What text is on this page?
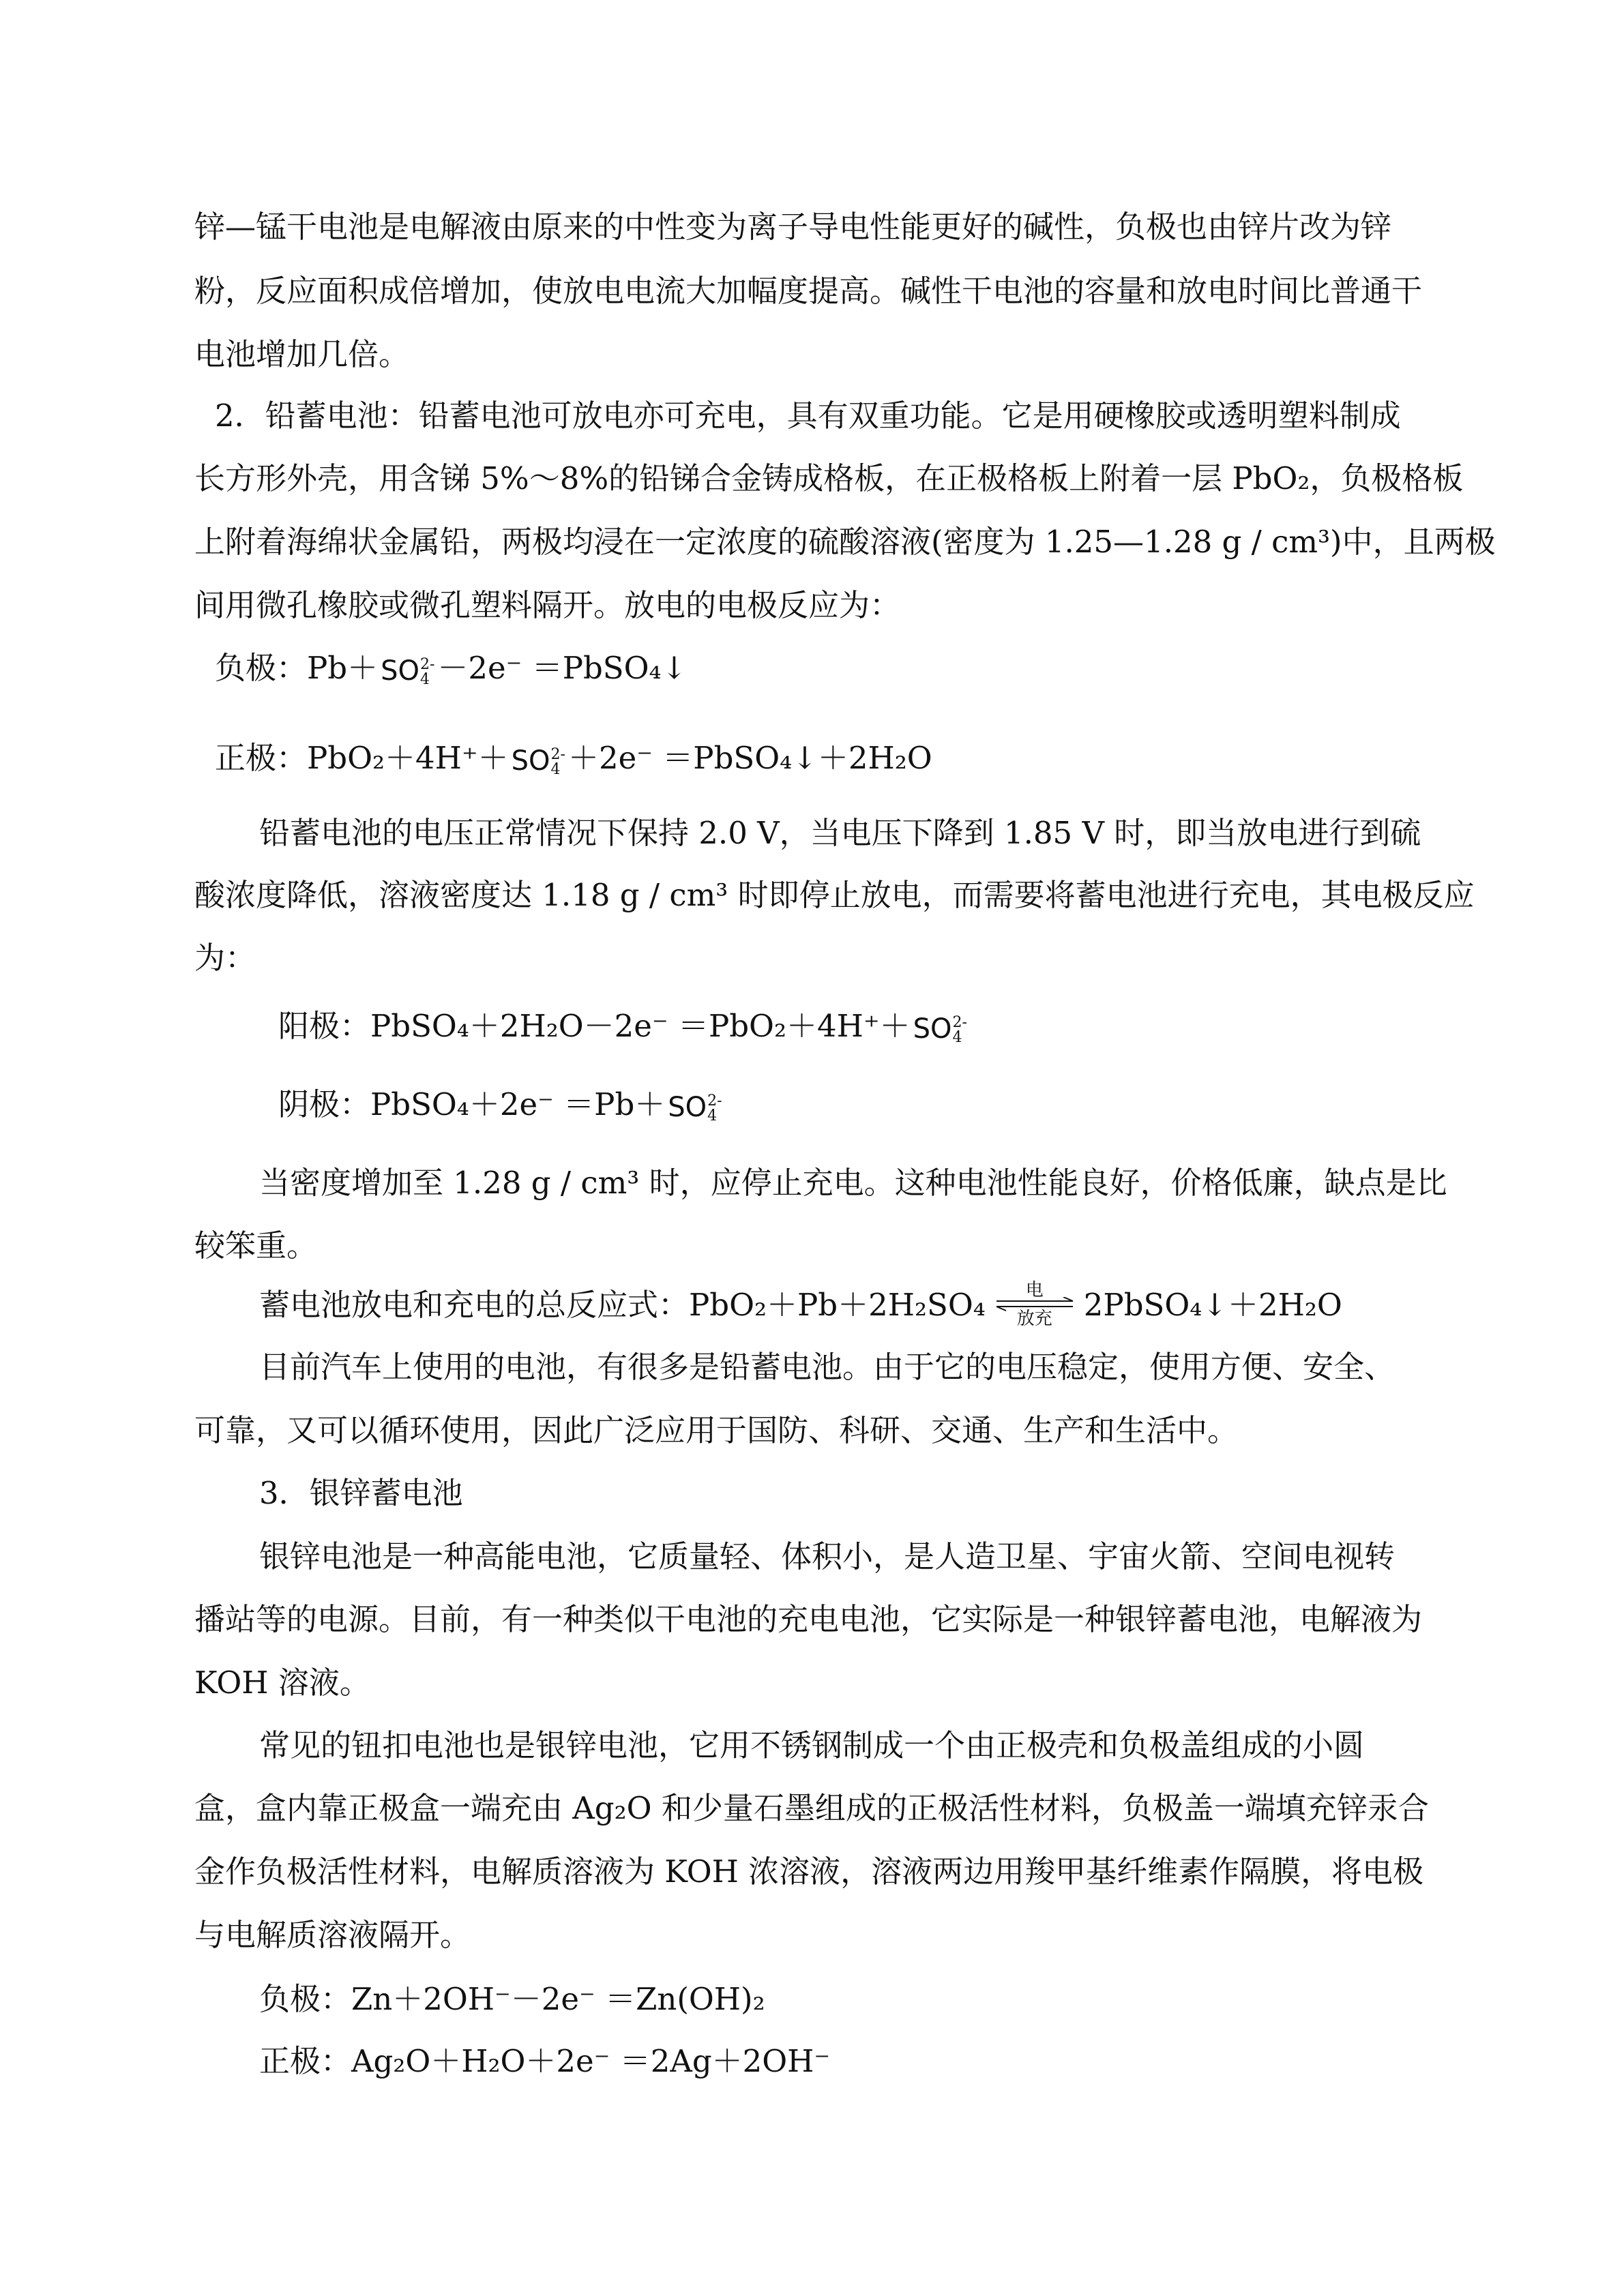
锌—锰干电池是电解液由原来的中性变为离子导电性能更好的碱性，负极也由锌片改为锌
粉，反应面积成倍增加，使放电电流大加幅度提高。碱性干电池的容量和放电时间比普通干
电池增加几倍。
2．铅蓄电池：铅蓄电池可放电亦可充电，具有双重功能。它是用硬橡胶或透明塑料制成
长方形外壳，用含锑 5%～8%的铅锑合金铸成格板，在正极格板上附着一层 PbO₂，负极格板
上附着海绵状金属铅，两极均浸在一定浓度的硫酸溶液(密度为 1.25—1.28 g / cm³)中，且两极
间用微孔橡胶或微孔塑料隔开。放电的电极反应为：
负极：Pb＋ SO 2-
4 －2e⁻ ＝PbSO₄↓
正极：PbO₂＋4H⁺＋ SO 2-
4 ＋2e⁻ ＝PbSO₄↓＋2H₂O
铅蓄电池的电压正常情况下保持 2.0 V，当电压下降到 1.85 V 时，即当放电进行到硫
酸浓度降低，溶液密度达 1.18 g / cm³ 时即停止放电，而需要将蓄电池进行充电，其电极反应
为：
阳极：PbSO₄＋2H₂O－2e⁻ ＝PbO₂＋4H⁺＋ SO 2-
4
阴极：PbSO₄＋2e⁻ ＝Pb＋ SO 2-
4
当密度增加至 1.28 g / cm³ 时，应停止充电。这种电池性能良好，价格低廉，缺点是比
较笨重。
蓄电池放电和充电的总反应式：PbO₂＋Pb＋2H₂SO₄	电
放充	2PbSO₄↓＋2H₂O
目前汽车上使用的电池，有很多是铅蓄电池。由于它的电压稳定，使用方便、安全、
可靠，又可以循环使用，因此广泛应用于国防、科研、交通、生产和生活中。
3．银锌蓄电池
银锌电池是一种高能电池，它质量轻、体积小，是人造卫星、宇宙火箭、空间电视转
播站等的电源。目前，有一种类似干电池的充电电池，它实际是一种银锌蓄电池，电解液为
KOH 溶液。
常见的钮扣电池也是银锌电池，它用不锈钢制成一个由正极壳和负极盖组成的小圆
盒，盒内靠正极盒一端充由 Ag₂O 和少量石墨组成的正极活性材料，负极盖一端填充锌汞合
金作负极活性材料，电解质溶液为 KOH 浓溶液，溶液两边用羧甲基纤维素作隔膜，将电极
与电解质溶液隔开。
负极：Zn＋2OH⁻－2e⁻ ＝Zn(OH)₂
正极：Ag₂O＋H₂O＋2e⁻ ＝2Ag＋2OH⁻
